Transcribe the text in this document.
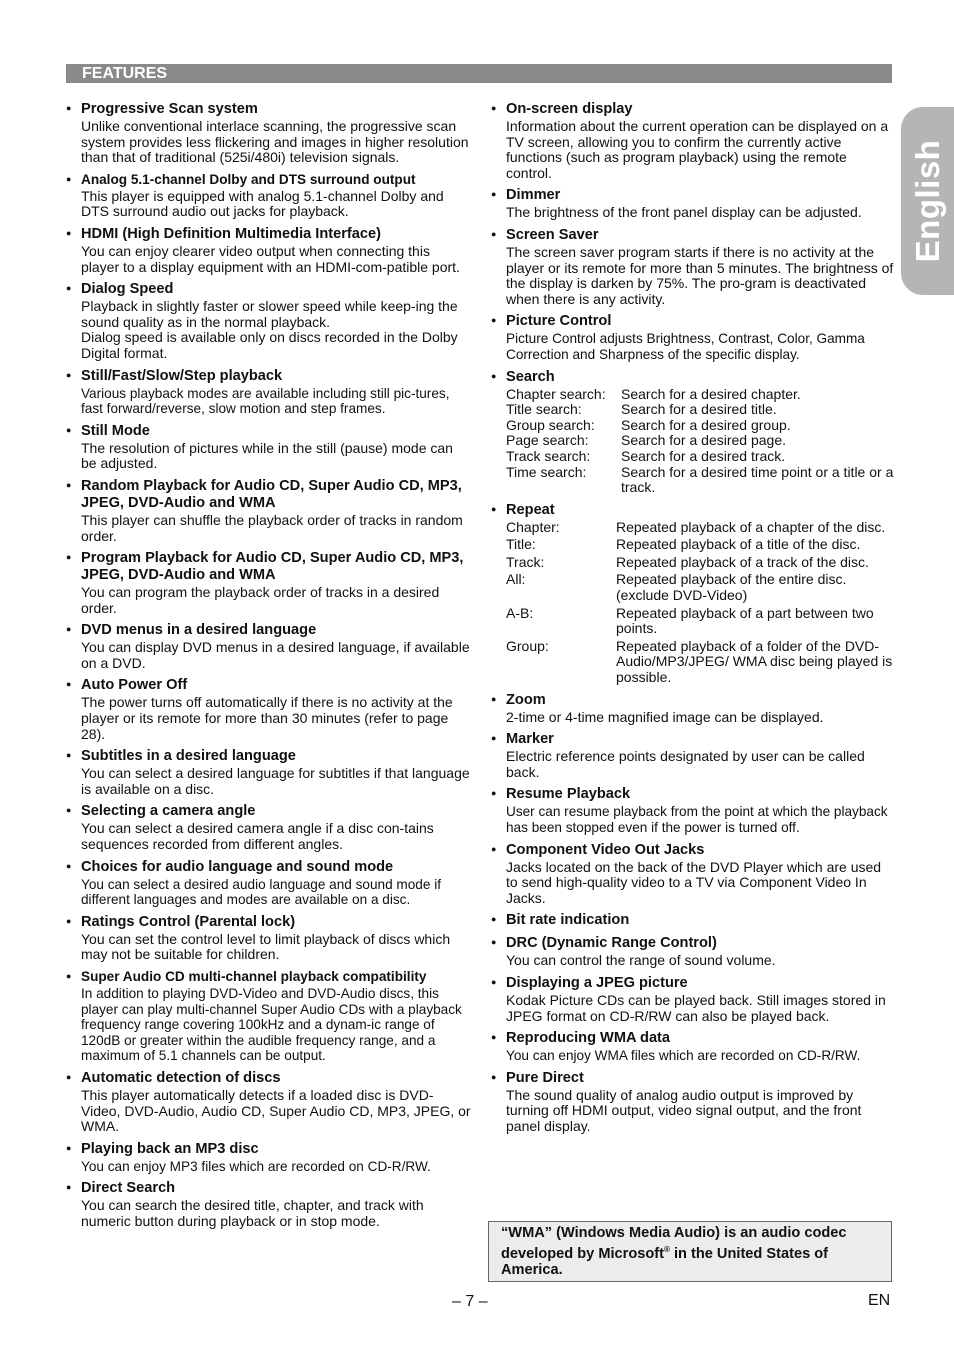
FEATURES
English
● Progressive Scan system
Unlike conventional interlace scanning, the progressive scan system provides less flickering and images in higher resolution than that of traditional (525i/480i) television signals.
● Analog 5.1-channel Dolby and DTS surround output
This player is equipped with analog 5.1-channel Dolby and DTS surround audio out jacks for playback.
● HDMI (High Definition Multimedia Interface)
You can enjoy clearer video output when connecting this player to a display equipment with an HDMI-com-patible port.
● Dialog Speed
Playback in slightly faster or slower speed while keep-ing the sound quality as in the normal playback.
Dialog speed is available only on discs recorded in the Dolby Digital format.
● Still/Fast/Slow/Step playback
Various playback modes are available including still pic-tures, fast forward/reverse, slow motion and step frames.
● Still Mode
The resolution of pictures while in the still (pause) mode can be adjusted.
● Random Playback for Audio CD, Super Audio CD, MP3, JPEG, DVD-Audio and WMA
This player can shuffle the playback order of tracks in random order.
● Program Playback for Audio CD, Super Audio CD, MP3, JPEG, DVD-Audio and WMA
You can program the playback order of tracks in a desired order.
● DVD menus in a desired language
You can display DVD menus in a desired language, if available on a DVD.
● Auto Power Off
The power turns off automatically if there is no activity at the player or its remote for more than 30 minutes (refer to page 28).
● Subtitles in a desired language
You can select a desired language for subtitles if that language is available on a disc.
● Selecting a camera angle
You can select a desired camera angle if a disc con-tains sequences recorded from different angles.
● Choices for audio language and sound mode
You can select a desired audio language and sound mode if different languages and modes are available on a disc.
● Ratings Control (Parental lock)
You can set the control level to limit playback of discs which may not be suitable for children.
● Super Audio CD multi-channel playback compatibility
In addition to playing DVD-Video and DVD-Audio discs, this player can play multi-channel Super Audio CDs with a playback frequency range covering 100kHz and a dynam-ic range of 120dB or greater within the audible frequency range, and a maximum of 5.1 channels can be output.
● Automatic detection of discs
This player automatically detects if a loaded disc is DVD-Video, DVD-Audio, Audio CD, Super Audio CD, MP3, JPEG, or WMA.
● Playing back an MP3 disc
You can enjoy MP3 files which are recorded on CD-R/RW.
● Direct Search
You can search the desired title, chapter, and track with numeric button during playback or in stop mode.
● On-screen display
Information about the current operation can be displayed on a TV screen, allowing you to confirm the currently active functions (such as program playback) using the remote control.
● Dimmer
The brightness of the front panel display can be adjusted.
● Screen Saver
The screen saver program starts if there is no activity at the player or its remote for more than 5 minutes. The brightness of the display is darken by 75%. The pro-gram is deactivated when there is any activity.
● Picture Control
Picture Control adjusts Brightness, Contrast, Color, Gamma Correction and Sharpness of the specific display.
● Search
Chapter search:	Search for a desired chapter.
Title search:	Search for a desired title.
Group search:	Search for a desired group.
Page search:	Search for a desired page.
Track search:	Search for a desired track.
Time search:	Search for a desired time point or a title or a track.
● Repeat
Chapter:	Repeated playback of a chapter of the disc.
Title:	Repeated playback of a title of the disc.
Track:	Repeated playback of a track of the disc.
All:	Repeated playback of the entire disc. (exclude DVD-Video)
A-B:	Repeated playback of a part between two points.
Group:	Repeated playback of a folder of the DVD-Audio/MP3/JPEG/ WMA disc being played is possible.
● Zoom
2-time or 4-time magnified image can be displayed.
● Marker
Electric reference points designated by user can be called back.
● Resume Playback
User can resume playback from the point at which the playback has been stopped even if the power is turned off.
● Component Video Out Jacks
Jacks located on the back of the DVD Player which are used to send high-quality video to a TV via Component Video In Jacks.
● Bit rate indication
● DRC (Dynamic Range Control)
You can control the range of sound volume.
● Displaying a JPEG picture
Kodak Picture CDs can be played back. Still images stored in JPEG format on CD-R/RW can also be played back.
● Reproducing WMA data
You can enjoy WMA files which are recorded on CD-R/RW.
● Pure Direct
The sound quality of analog audio output is improved by turning off HDMI output, video signal output, and the front panel display.
“WMA” (Windows Media Audio) is an audio codec developed by Microsoft® in the United States of America.
– 7 –	EN
